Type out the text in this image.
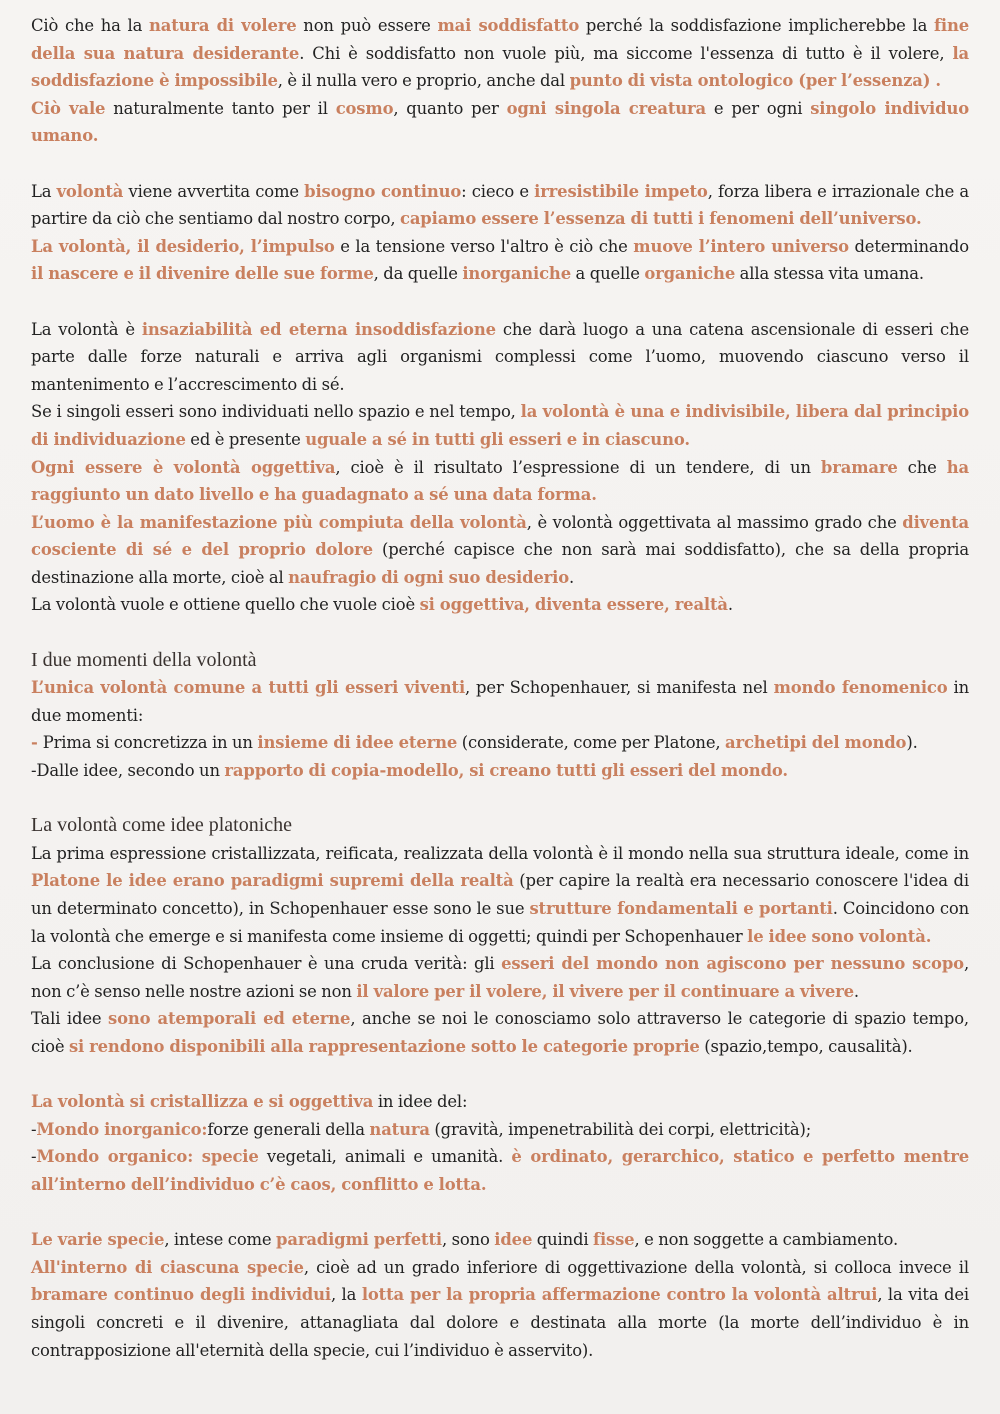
Ciò che ha la natura di volere non può essere mai soddisfatto perché la soddisfazione implicherebbe la fine della sua natura desiderante. Chi è soddisfatto non vuole più, ma siccome l'essenza di tutto è il volere, la soddisfazione è impossibile, è il nulla vero e proprio, anche dal punto di vista ontologico (per l’essenza) .
Ciò vale naturalmente tanto per il cosmo, quanto per ogni singola creatura e per ogni singolo individuo umano.

La volontà viene avvertita come bisogno continuo: cieco e irresistibile impeto, forza libera e irrazionale che a partire da ciò che sentiamo dal nostro corpo, capiamo essere l’essenza di tutti i fenomeni dell’universo.
La volontà, il desiderio, l’impulso e la tensione verso l'altro è ciò che muove l’intero universo determinando il nascere e il divenire delle sue forme, da quelle inorganiche a quelle organiche alla stessa vita umana.

La volontà è insaziabilità ed eterna insoddisfazione che darà luogo a una catena ascensionale di esseri che parte dalle forze naturali e arriva agli organismi complessi come l’uomo, muovendo ciascuno verso il mantenimento e l’accrescimento di sé.
Se i singoli esseri sono individuati nello spazio e nel tempo, la volontà è una e indivisibile, libera dal principio di individuazione ed è presente uguale a sé in tutti gli esseri e in ciascuno.
Ogni essere è volontà oggettiva, cioè è il risultato l’espressione di un tendere, di un bramare che ha raggiunto un dato livello e ha guadagnato a sé una data forma.
L’uomo è la manifestazione più compiuta della volontà, è volontà oggettivata al massimo grado che diventa cosciente di sé e del proprio dolore (perché capisce che non sarà mai soddisfatto), che sa della propria destinazione alla morte, cioè al naufragio di ogni suo desiderio.
La volontà vuole e ottiene quello che vuole cioè si oggettiva, diventa essere, realtà.

I due momenti della volontà

L’unica volontà comune a tutti gli esseri viventi, per Schopenhauer, si manifesta nel mondo fenomenico in due momenti:

- Prima si concretizza in un insieme di idee eterne (considerate, come per Platone, archetipi del mondo).
-Dalle idee, secondo un rapporto di copia-modello, si creano tutti gli esseri del mondo.
La volontà come idee platoniche

La prima espressione cristallizzata, reificata, realizzata della volontà è il mondo nella sua struttura ideale, come in Platone le idee erano paradigmi supremi della realtà (per capire la realtà era necessario conoscere l'idea di un determinato concetto), in Schopenhauer esse sono le sue strutture fondamentali e portanti. Coincidono con la volontà che emerge e si manifesta come insieme di oggetti; quindi per Schopenhauer le idee sono volontà.
La conclusione di Schopenhauer è una cruda verità: gli esseri del mondo non agiscono per nessuno scopo, non c’è senso nelle nostre azioni se non il valore per il volere, il vivere per il continuare a vivere.
Tali idee sono atemporali ed eterne, anche se noi le conosciamo solo attraverso le categorie di spazio tempo, cioè si rendono disponibili alla rappresentazione sotto le categorie proprie (spazio,tempo, causalità).

La volontà si cristallizza e si oggettiva in idee del:
-Mondo inorganico:forze generali della natura (gravità, impenetrabilità dei corpi, elettricità);

-Mondo organico: specie vegetali, animali e umanità. è ordinato, gerarchico, statico e perfetto mentre all’interno dell’individuo c’è caos, conflitto e lotta.

Le varie specie, intese come paradigmi perfetti, sono idee quindi fisse, e non soggette a cambiamento.
All'interno di ciascuna specie, cioè ad un grado inferiore di oggettivazione della volontà, si colloca invece il bramare continuo degli individui, la lotta per la propria affermazione contro la volontà altrui, la vita dei singoli concreti e il divenire, attanagliata dal dolore e destinata alla morte (la morte dell’individuo è in contrapposizione all'eternità della specie, cui l’individuo è asservito).
